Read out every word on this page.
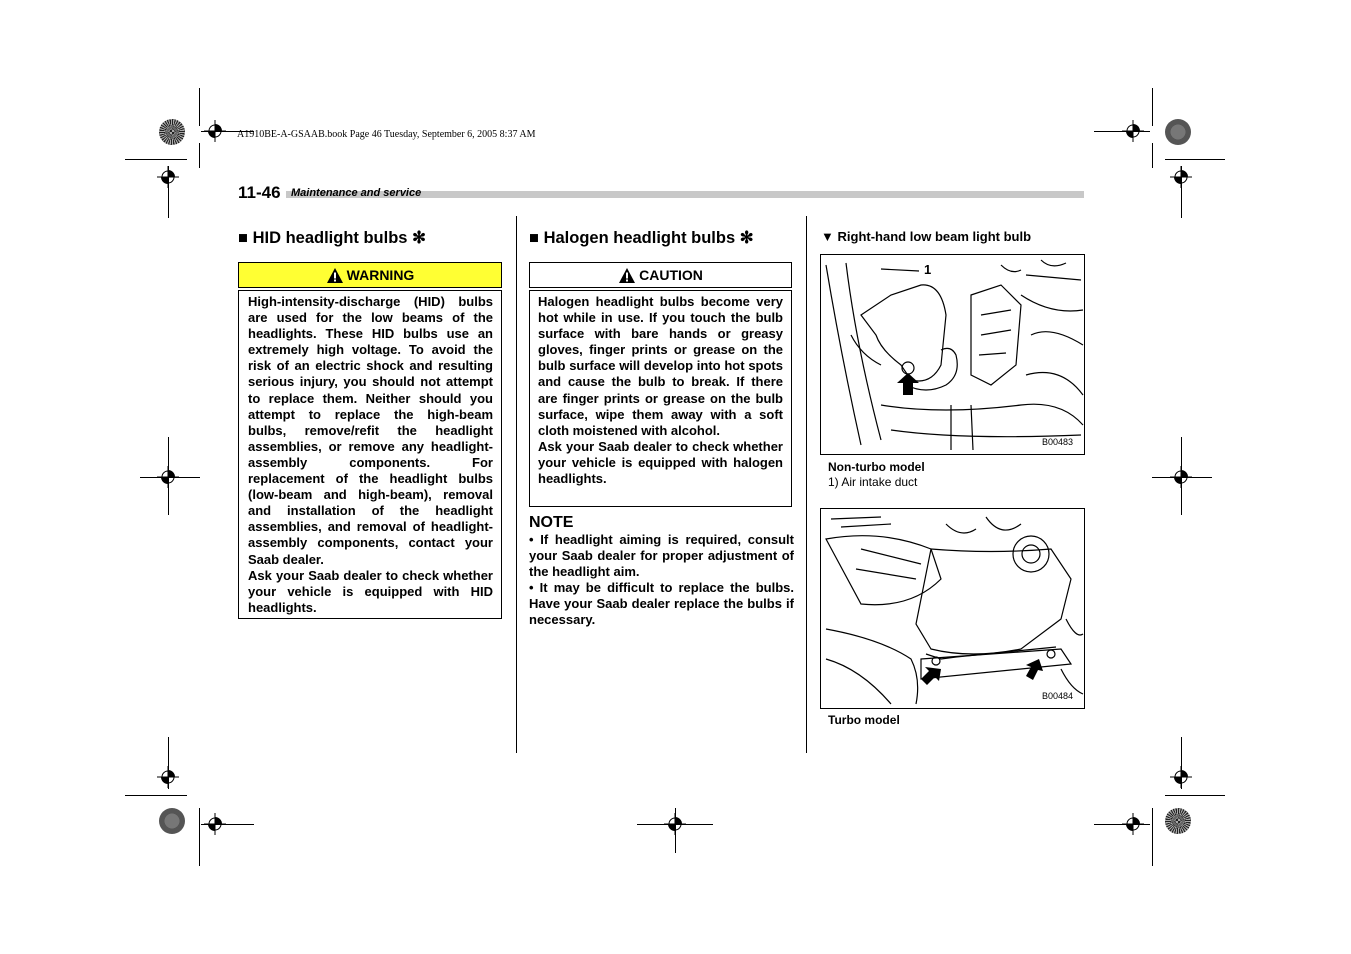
A1910BE-A-GSAAB.book Page 46 Tuesday, September 6, 2005 8:37 AM
11-46 Maintenance and service
■ HID headlight bulbs ✻
WARNING

High-intensity-discharge (HID) bulbs are used for the low beams of the headlights. These HID bulbs use an extremely high voltage. To avoid the risk of an electric shock and resulting serious injury, you should not attempt to replace them. Neither should you attempt to replace the high-beam bulbs, remove/refit the headlight assemblies, or remove any headlight-assembly components. For replacement of the headlight bulbs (low-beam and high-beam), removal and installation of the headlight assemblies, and removal of headlight-assembly components, contact your Saab dealer.

Ask your Saab dealer to check whether your vehicle is equipped with HID headlights.

■ Halogen headlight bulbs ✻
CAUTION

Halogen headlight bulbs become very hot while in use. If you touch the bulb surface with bare hands or greasy gloves, finger prints or grease on the bulb surface will develop into hot spots and cause the bulb to break. If there are finger prints or grease on the bulb surface, wipe them away with a soft cloth moistened with alcohol.

Ask your Saab dealer to check whether your vehicle is equipped with halogen headlights.

NOTE

• If headlight aiming is required, consult your Saab dealer for proper adjustment of the headlight aim.

• It may be difficult to replace the bulbs. Have your Saab dealer replace the bulbs if necessary.

▼ Right-hand low beam light bulb
1
B00483
Non-turbo model
1) Air intake duct
B00484
Turbo model
